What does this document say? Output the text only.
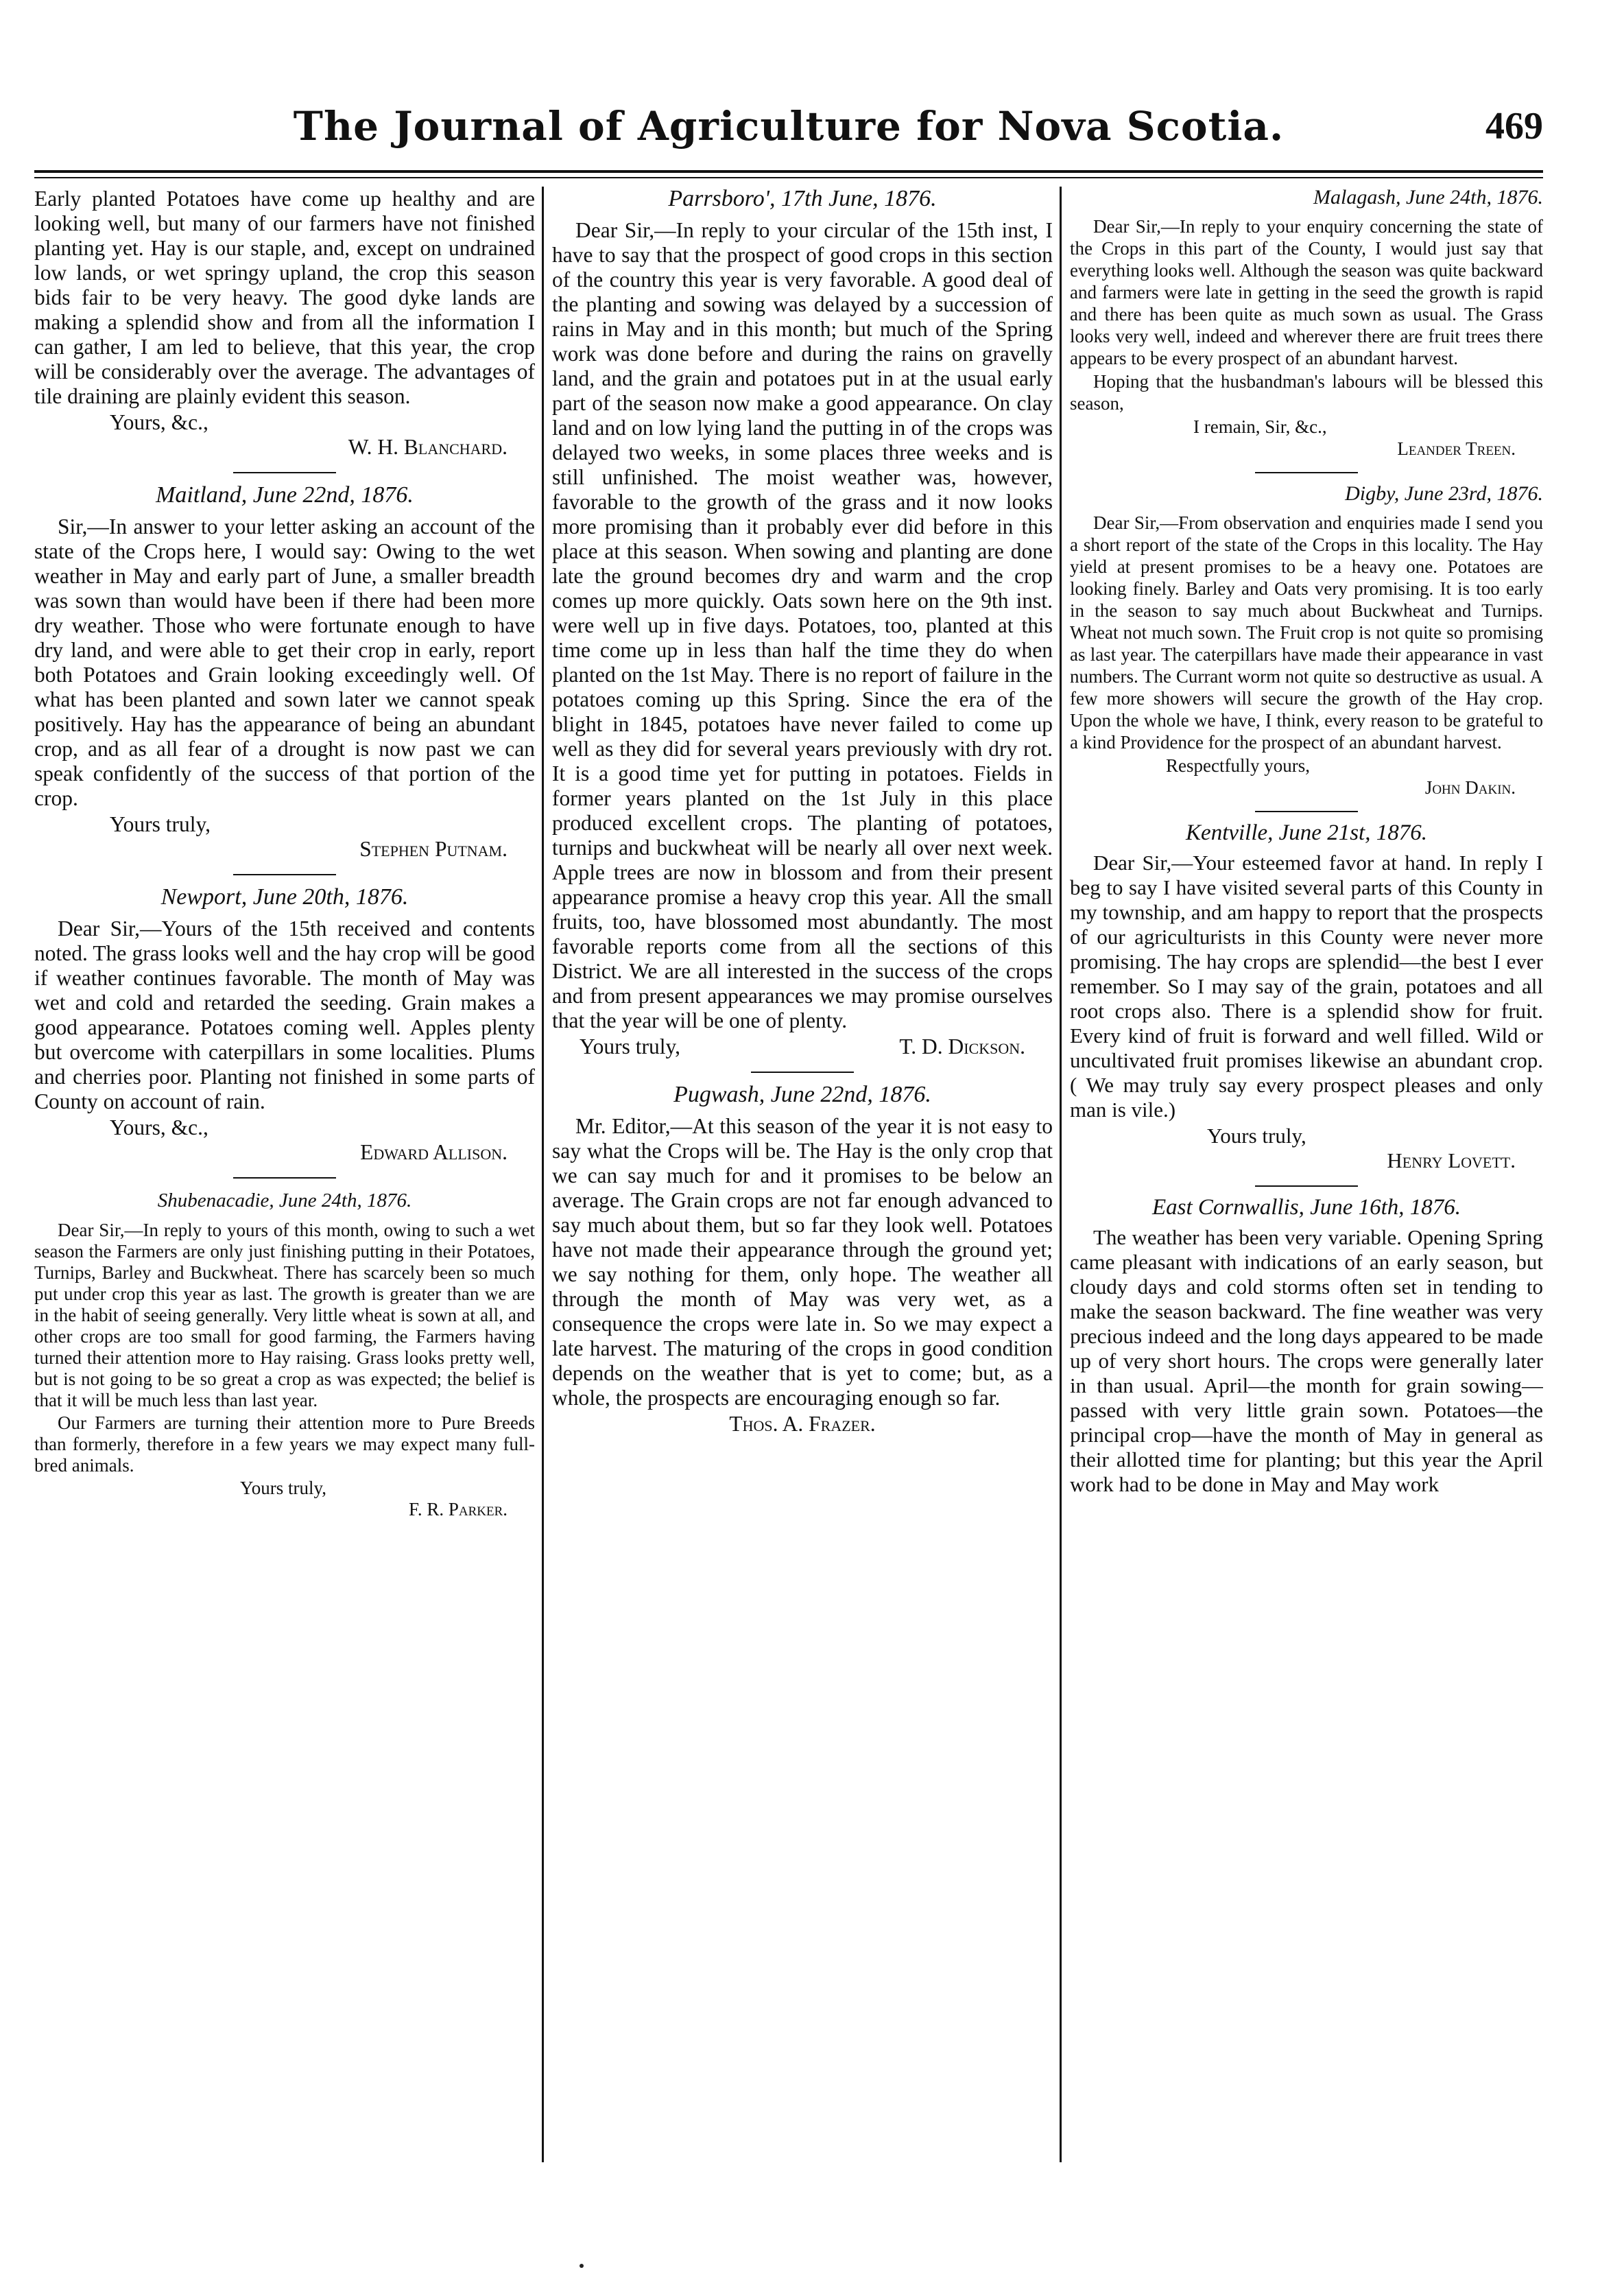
The Journal of Agriculture for Nova Scotia.	469

Early planted Potatoes have come up healthy and are looking well, but many of our farmers have not finished planting yet. Hay is our staple, and, except on undrained low lands, or wet springy upland, the crop this season bids fair to be very heavy. The good dyke lands are making a splendid show and from all the information I can gather, I am led to believe, that this year, the crop will be considerably over the average. The advantages of tile draining are plainly evident this season.

Yours, &c.,

W. H. Blanchard.

Maitland, June 22nd, 1876.

Sir,—In answer to your letter asking an account of the state of the Crops here, I would say: Owing to the wet weather in May and early part of June, a smaller breadth was sown than would have been if there had been more dry weather. Those who were fortunate enough to have dry land, and were able to get their crop in early, report both Potatoes and Grain looking exceedingly well. Of what has been planted and sown later we cannot speak positively. Hay has the appearance of being an abundant crop, and as all fear of a drought is now past we can speak confidently of the success of that portion of the crop.

Yours truly,

Stephen Putnam.

Newport, June 20th, 1876.

Dear Sir,—Yours of the 15th received and contents noted. The grass looks well and the hay crop will be good if weather continues favorable. The month of May was wet and cold and retarded the seeding. Grain makes a good appearance. Potatoes coming well. Apples plenty but overcome with caterpillars in some localities. Plums and cherries poor. Planting not finished in some parts of County on account of rain.

Yours, &c.,

Edward Allison.

Shubenacadie, June 24th, 1876.

Dear Sir,—In reply to yours of this month, owing to such a wet season the Farmers are only just finishing putting in their Potatoes, Turnips, Barley and Buckwheat. There has scarcely been so much put under crop this year as last. The growth is greater than we are in the habit of seeing generally. Very little wheat is sown at all, and other crops are too small for good farming, the Farmers having turned their attention more to Hay raising. Grass looks pretty well, but is not going to be so great a crop as was expected; the belief is that it will be much less than last year.

Our Farmers are turning their attention more to Pure Breeds than formerly, therefore in a few years we may expect many full-bred animals.

Yours truly,

F. R. Parker.

Parrsboro', 17th June, 1876.

Dear Sir,—In reply to your circular of the 15th inst, I have to say that the prospect of good crops in this section of the country this year is very favorable. A good deal of the planting and sowing was delayed by a succession of rains in May and in this month; but much of the Spring work was done before and during the rains on gravelly land, and the grain and potatoes put in at the usual early part of the season now make a good appearance. On clay land and on low lying land the putting in of the crops was delayed two weeks, in some places three weeks and is still unfinished. The moist weather was, however, favorable to the growth of the grass and it now looks more promising than it probably ever did before in this place at this season. When sowing and planting are done late the ground becomes dry and warm and the crop comes up more quickly. Oats sown here on the 9th inst. were well up in five days. Potatoes, too, planted at this time come up in less than half the time they do when planted on the 1st May. There is no report of failure in the potatoes coming up this Spring. Since the era of the blight in 1845, potatoes have never failed to come up well as they did for several years previously with dry rot. It is a good time yet for putting in potatoes. Fields in former years planted on the 1st July in this place produced excellent crops. The planting of potatoes, turnips and buckwheat will be nearly all over next week. Apple trees are now in blossom and from their present appearance promise a heavy crop this year. All the small fruits, too, have blossomed most abundantly. The most favorable reports come from all the sections of this District. We are all interested in the success of the crops and from present appearances we may promise ourselves that the year will be one of plenty.

Yours truly,	T. D. Dickson.

Pugwash, June 22nd, 1876.

Mr. Editor,—At this season of the year it is not easy to say what the Crops will be. The Hay is the only crop that we can say much for and it promises to be below an average. The Grain crops are not far enough advanced to say much about them, but so far they look well. Potatoes have not made their appearance through the ground yet; we say nothing for them, only hope. The weather all through the month of May was very wet, as a consequence the crops were late in. So we may expect a late harvest. The maturing of the crops in good condition depends on the weather that is yet to come; but, as a whole, the prospects are encouraging enough so far.

Thos. A. Frazer.

Malagash, June 24th, 1876.

Dear Sir,—In reply to your enquiry concerning the state of the Crops in this part of the County, I would just say that everything looks well. Although the season was quite backward and farmers were late in getting in the seed the growth is rapid and there has been quite as much sown as usual. The Grass looks very well, indeed and wherever there are fruit trees there appears to be every prospect of an abundant harvest.

Hoping that the husbandman's labours will be blessed this season,

I remain, Sir, &c.,

Leander Treen.

Digby, June 23rd, 1876.

Dear Sir,—From observation and enquiries made I send you a short report of the state of the Crops in this locality. The Hay yield at present promises to be a heavy one. Potatoes are looking finely. Barley and Oats very promising. It is too early in the season to say much about Buckwheat and Turnips. Wheat not much sown. The Fruit crop is not quite so promising as last year. The caterpillars have made their appearance in vast numbers. The Currant worm not quite so destructive as usual. A few more showers will secure the growth of the Hay crop. Upon the whole we have, I think, every reason to be grateful to a kind Providence for the prospect of an abundant harvest.

Respectfully yours,

John Dakin.

Kentville, June 21st, 1876.

Dear Sir,—Your esteemed favor at hand. In reply I beg to say I have visited several parts of this County in my township, and am happy to report that the prospects of our agriculturists in this County were never more promising. The hay crops are splendid—the best I ever remember. So I may say of the grain, potatoes and all root crops also. There is a splendid show for fruit. Every kind of fruit is forward and well filled. Wild or uncultivated fruit promises likewise an abundant crop. ( We may truly say every prospect pleases and only man is vile.)

Yours truly,

Henry Lovett.

East Cornwallis, June 16th, 1876.

The weather has been very variable. Opening Spring came pleasant with indications of an early season, but cloudy days and cold storms often set in tending to make the season backward. The fine weather was very precious indeed and the long days appeared to be made up of very short hours. The crops were generally later in than usual. April—the month for grain sowing—passed with very little grain sown. Potatoes—the principal crop—have the month of May in general as their allotted time for planting; but this year the April work had to be done in May and May work
